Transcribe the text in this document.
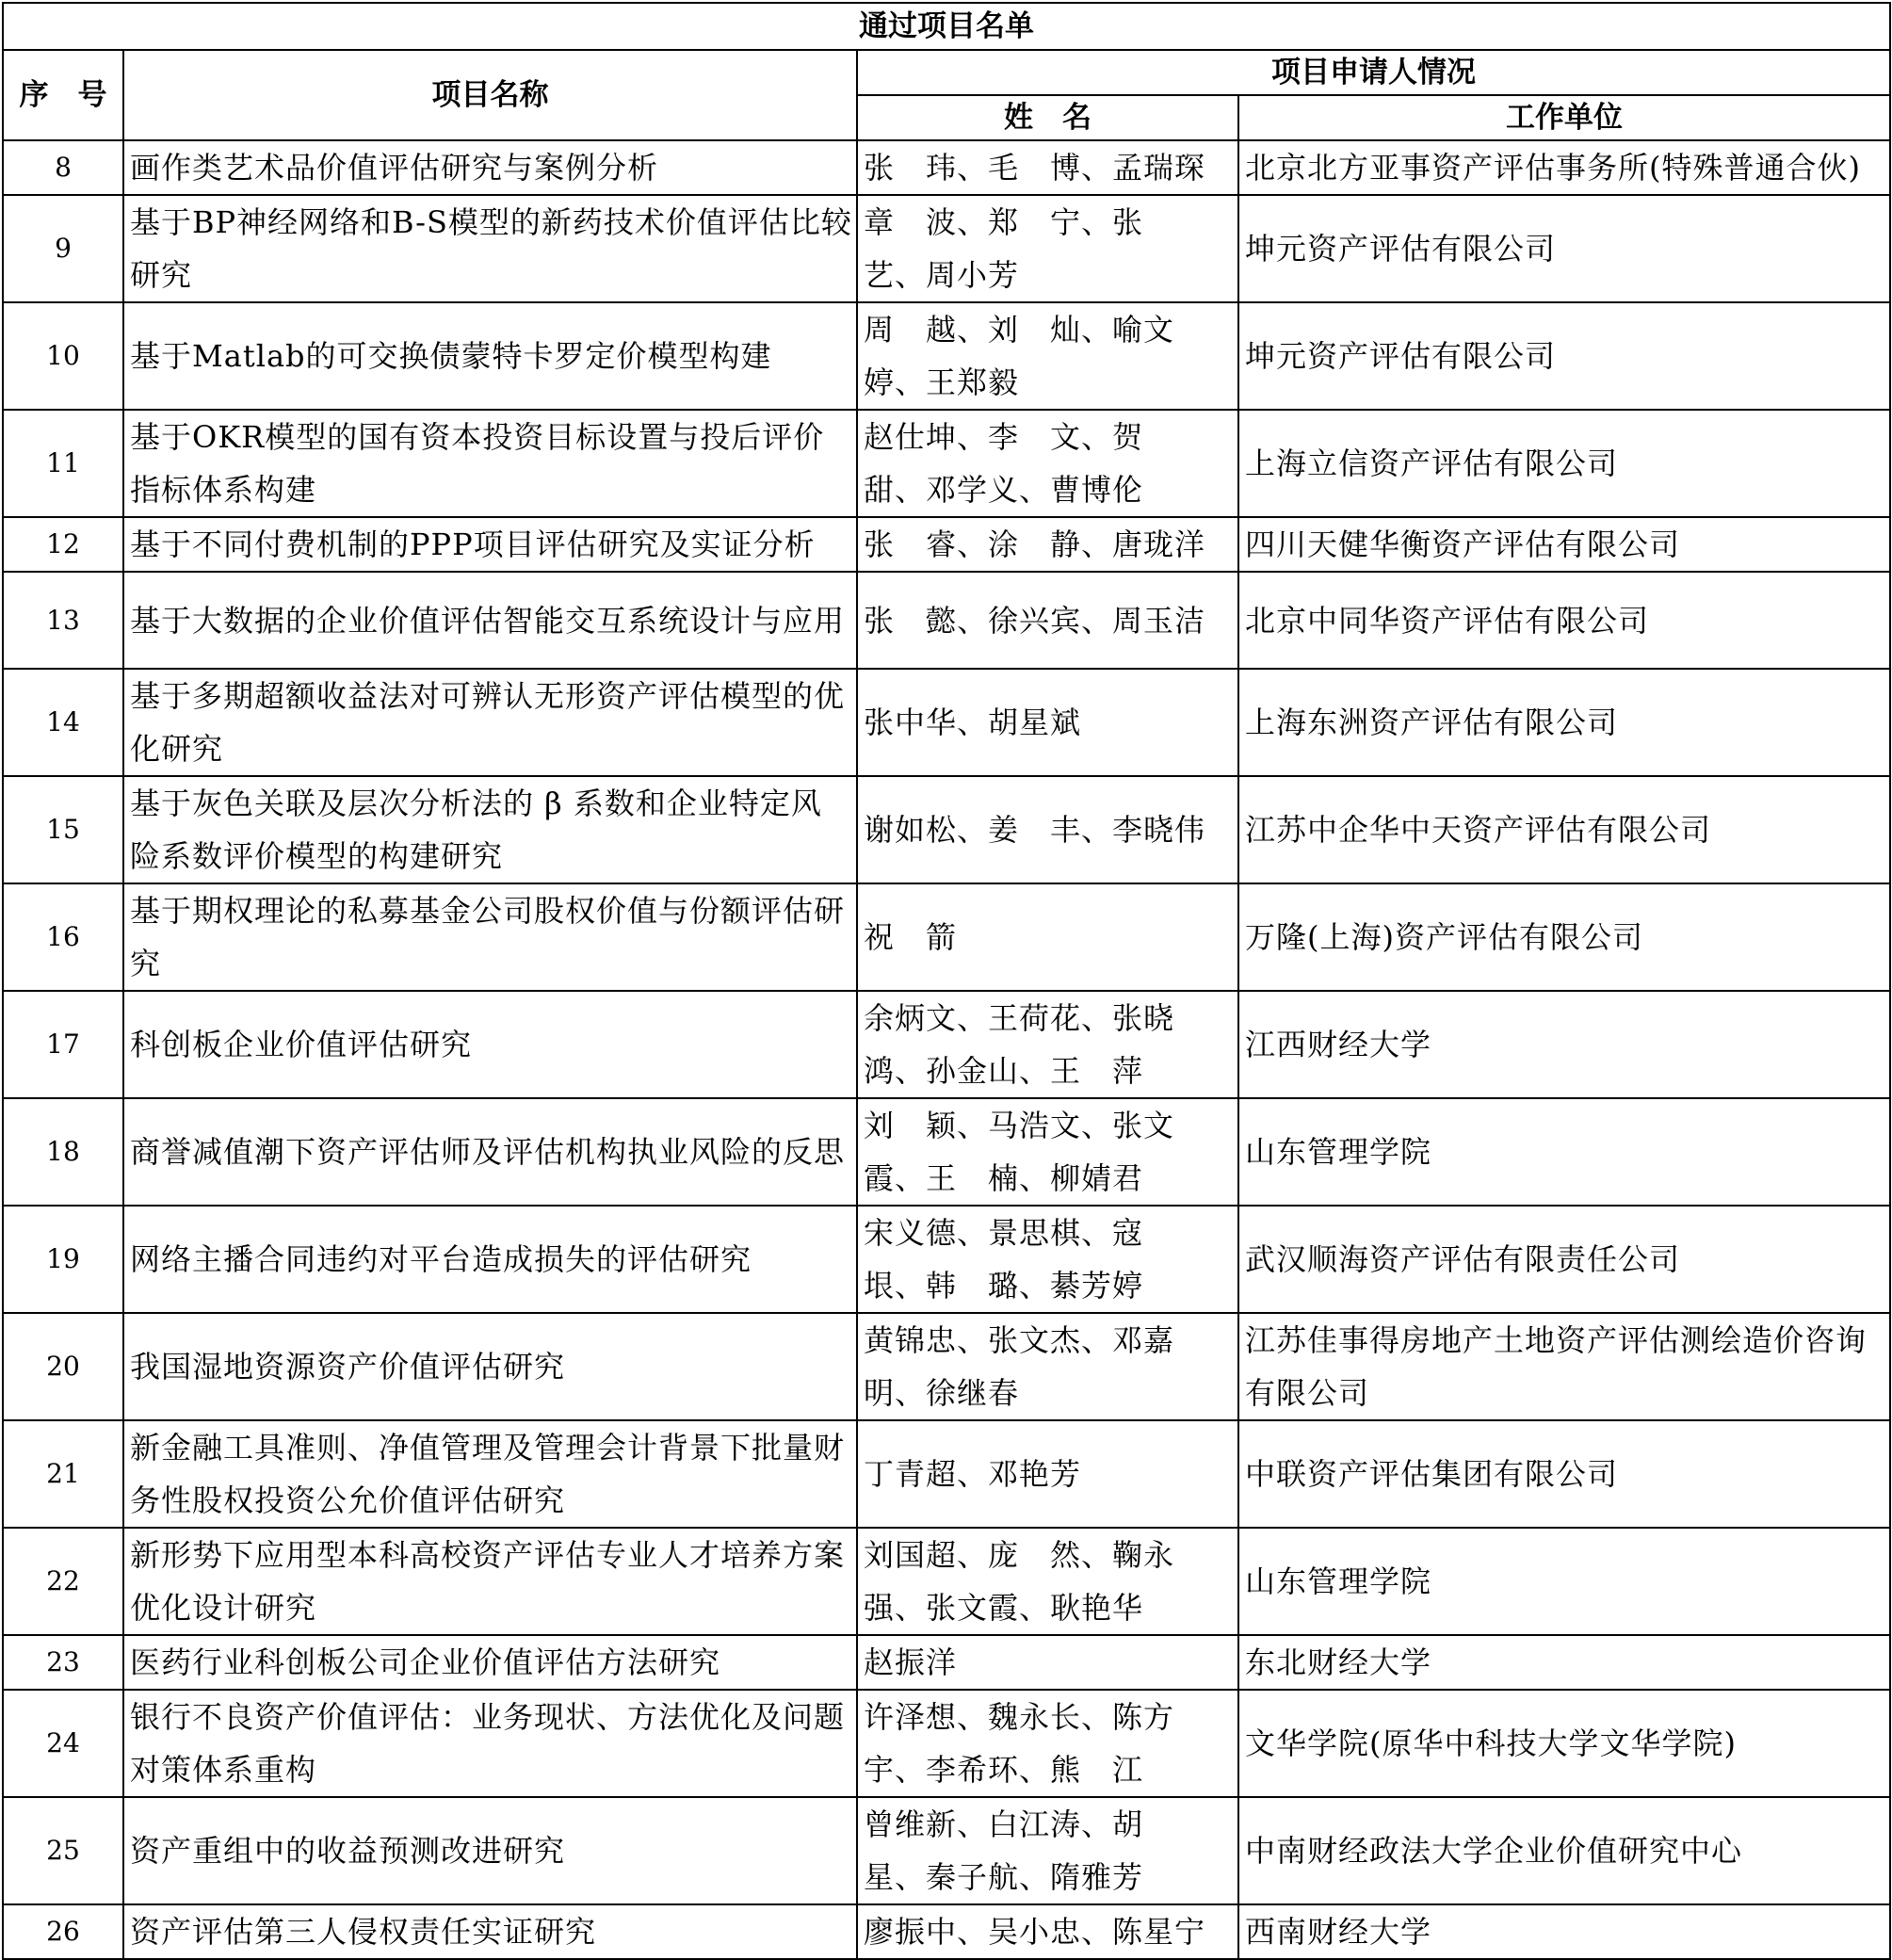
通过项目名单			
序　号	项目名称	项目申请人情况	
		姓　名	工作单位

8	画作类艺术品价值评估研究与案例分析	张　玮、毛　博、孟瑞琛	北京北方亚事资产评估事务所(特殊普通合伙)

9	基于BP神经网络和B-S模型的新药技术价值评估比较研究	章　波、郑　宁、张　艺、周小芳	坤元资产评估有限公司

10	基于Matlab的可交换债蒙特卡罗定价模型构建	周　越、刘　灿、喻文婷、王郑毅	坤元资产评估有限公司

11	基于OKR模型的国有资本投资目标设置与投后评价指标体系构建	赵仕坤、李　文、贺　甜、邓学义、曹博伦	上海立信资产评估有限公司

12	基于不同付费机制的PPP项目评估研究及实证分析	张　睿、涂　静、唐珑洋	四川天健华衡资产评估有限公司

13	基于大数据的企业价值评估智能交互系统设计与应用	张　懿、徐兴宾、周玉洁	北京中同华资产评估有限公司

14	基于多期超额收益法对可辨认无形资产评估模型的优化研究	张中华、胡星斌	上海东洲资产评估有限公司

15	基于灰色关联及层次分析法的 β 系数和企业特定风险系数评价模型的构建研究	谢如松、姜　丰、李晓伟	江苏中企华中天资产评估有限公司

16	基于期权理论的私募基金公司股权价值与份额评估研究	祝　箭	万隆(上海)资产评估有限公司

17	科创板企业价值评估研究	余炳文、王荷花、张晓鸿、孙金山、王　萍	江西财经大学

18	商誉减值潮下资产评估师及评估机构执业风险的反思	刘　颖、马浩文、张文霞、王　楠、柳婧君	山东管理学院

19	网络主播合同违约对平台造成损失的评估研究	宋义德、景思棋、寇　垠、韩　璐、綦芳婷	武汉顺海资产评估有限责任公司

20	我国湿地资源资产价值评估研究	黄锦忠、张文杰、邓嘉明、徐继春	江苏佳事得房地产土地资产评估测绘造价咨询有限公司

21	新金融工具准则、净值管理及管理会计背景下批量财务性股权投资公允价值评估研究	丁青超、邓艳芳	中联资产评估集团有限公司

22	新形势下应用型本科高校资产评估专业人才培养方案优化设计研究	刘国超、庞　然、鞠永强、张文霞、耿艳华	山东管理学院

23	医药行业科创板公司企业价值评估方法研究	赵振洋	东北财经大学

24	银行不良资产价值评估：业务现状、方法优化及问题对策体系重构	许泽想、魏永长、陈方宇、李希环、熊　江	文华学院(原华中科技大学文华学院)

25	资产重组中的收益预测改进研究	曾维新、白江涛、胡　星、秦子航、隋雅芳	中南财经政法大学企业价值研究中心

26	资产评估第三人侵权责任实证研究	廖振中、吴小忠、陈星宁	西南财经大学
